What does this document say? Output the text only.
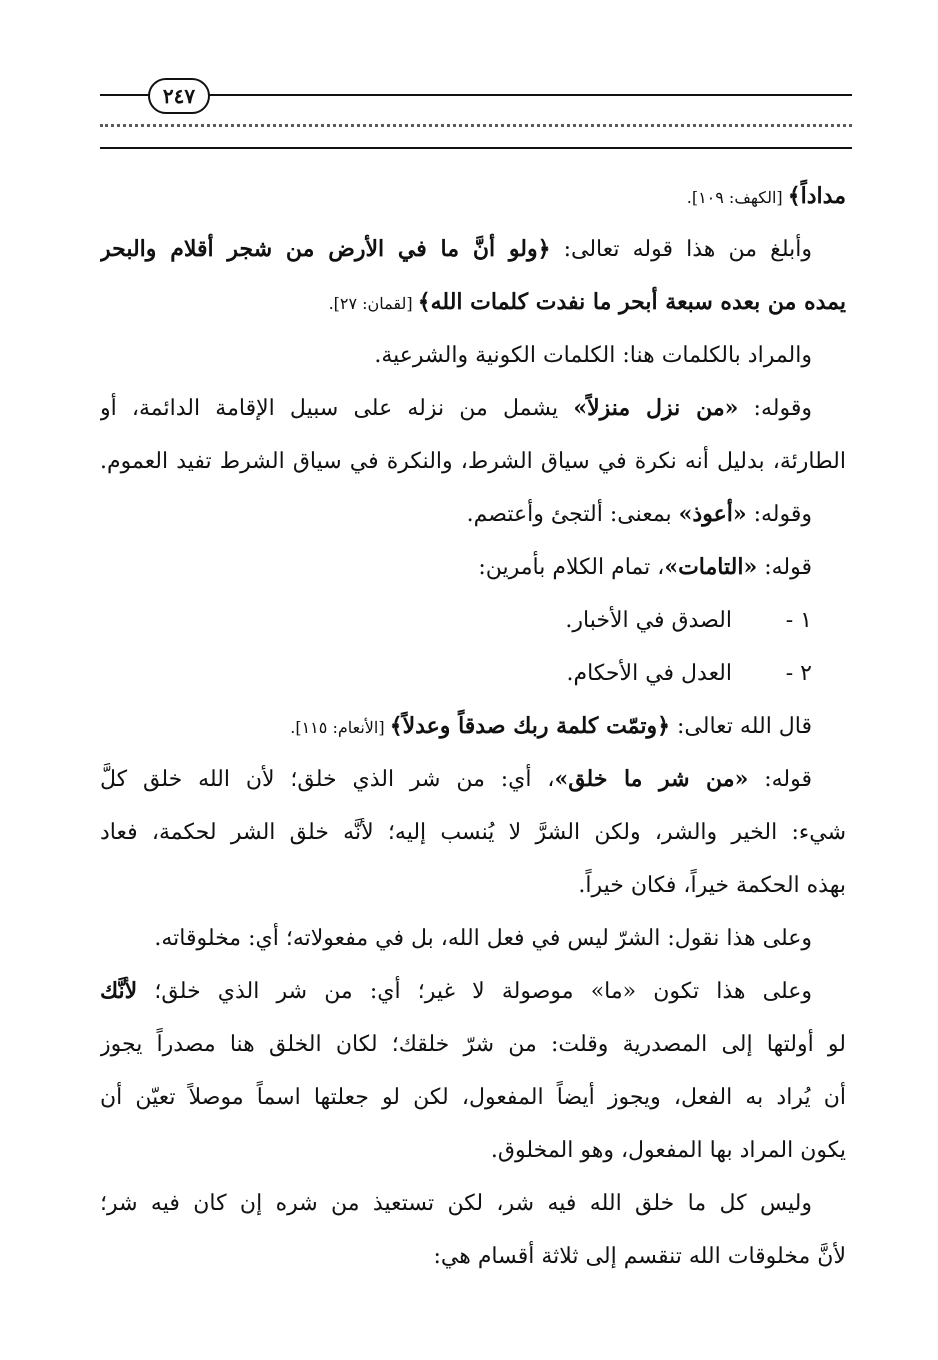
٢٤٧
مداداً﴾ [الكهف: ١٠٩].
وأبلغ من هذا قوله تعالى: ﴿ولو أنَّ ما في الأرض من شجر أقلام والبحر
يمده من بعده سبعة أبحر ما نفدت كلمات الله﴾ [لقمان: ٢٧].
والمراد بالكلمات هنا: الكلمات الكونية والشرعية.
وقوله: «من نزل منزلاً» يشمل من نزله على سبيل الإقامة الدائمة، أو
الطارئة، بدليل أنه نكرة في سياق الشرط، والنكرة في سياق الشرط تفيد العموم.
وقوله: «أعوذ» بمعنى: ألتجئ وأعتصم.
قوله: «التامات»، تمام الكلام بأمرين:
١ -الصدق في الأخبار.
٢ -العدل في الأحكام.
قال الله تعالى: ﴿وتمّت كلمة ربك صدقاً وعدلاً﴾ [الأنعام: ١١٥].
قوله: «من شر ما خلق»، أي: من شر الذي خلق؛ لأن الله خلق كلَّ
شيء: الخير والشر، ولكن الشرَّ لا يُنسب إليه؛ لأنَّه خلق الشر لحكمة، فعاد
بهذه الحكمة خيراً، فكان خيراً.
وعلى هذا نقول: الشرّ ليس في فعل الله، بل في مفعولاته؛ أي: مخلوقاته.
وعلى هذا تكون «ما» موصولة لا غير؛ أي: من شر الذي خلق؛ لأنَّك
لو أولتها إلى المصدرية وقلت: من شرّ خلقك؛ لكان الخلق هنا مصدراً يجوز
أن يُراد به الفعل، ويجوز أيضاً المفعول، لكن لو جعلتها اسماً موصلاً تعيّن أن
يكون المراد بها المفعول، وهو المخلوق.
وليس كل ما خلق الله فيه شر، لكن تستعيذ من شره إن كان فيه شر؛
لأنَّ مخلوقات الله تنقسم إلى ثلاثة أقسام هي:
